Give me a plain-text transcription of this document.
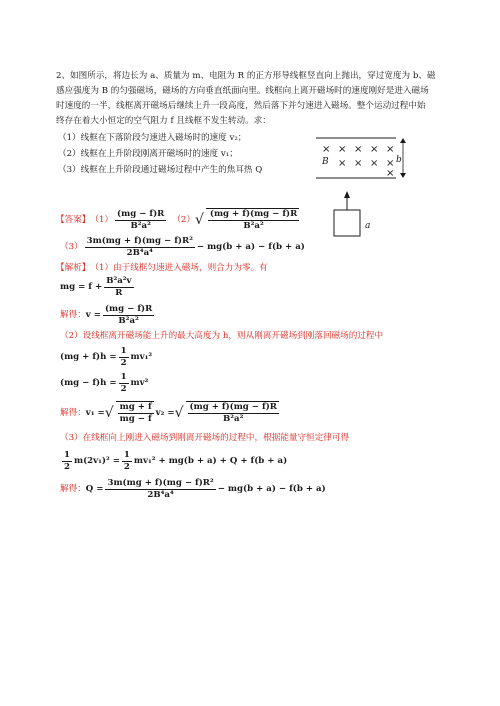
2、如图所示，将边长为 a、质量为 m、电阻为 R 的正方形导线框竖直向上抛出，穿过宽度为 b、磁
感应强度为 B 的匀强磁场，磁场的方向垂直纸面向里。线框向上离开磁场时的速度刚好是进入磁场
时速度的一半，线框离开磁场后继续上升一段高度，然后落下并匀速进入磁场。整个运动过程中始
终存在着大小恒定的空气阻力 f 且线框不发生转动。求：
（1）线框在下落阶段匀速进入磁场时的速度 v₂；
（2）线框在上升阶段刚离开磁场时的速度 v₁；
（3）线框在上升阶段通过磁场过程中产生的焦耳热 Q
× × × × ×
× × × ×
×
B	b
a
【答案】 $(1) \frac{(mg - f)R}{\text{B²a²}} (2)$ √ $\frac{(mg + f)(mg - f)R}{\text{B²a²}}$
$(3) \frac{\text{3m(mg + f)(mg − f)R²}}{\text{2B⁴a⁴}} - mg(b + a) - f(b + a)$
【解析】 （1）由于线框匀速进入磁场，则合力为零。有
mg = $f + \frac{\text{B²a²v}}{R}$
解得： $v = \frac{(mg - f)R}{\text{B²a²}}$
（2）设线框离开磁场能上升的最大高度为 h，则从刚离开磁场到刚落回磁场的过程中
$(mg + f)h = \frac{1}{2} mv_1^2$
$(mg - f)h = \frac{1}{2} mv^2$
解得： v₁ = √ $\frac{mg + f}{mg - f} v_2$ = √ $\frac{(mg + f)(mg - f)R}{\text{B²a²}}$
（3）在线框向上刚进入磁场到刚离开磁场的过程中，根据能量守恒定律可得
$\frac{1}{2} m(2v_1)^2 = \frac{1}{2} mv_1^2 + mg(b + a) + Q + f(b + a)$
解得： $Q = \frac{\text{3m(mg + f)(mg − f)R²}}{\text{2B⁴a⁴}} - mg(b + a) - f(b + a)$
